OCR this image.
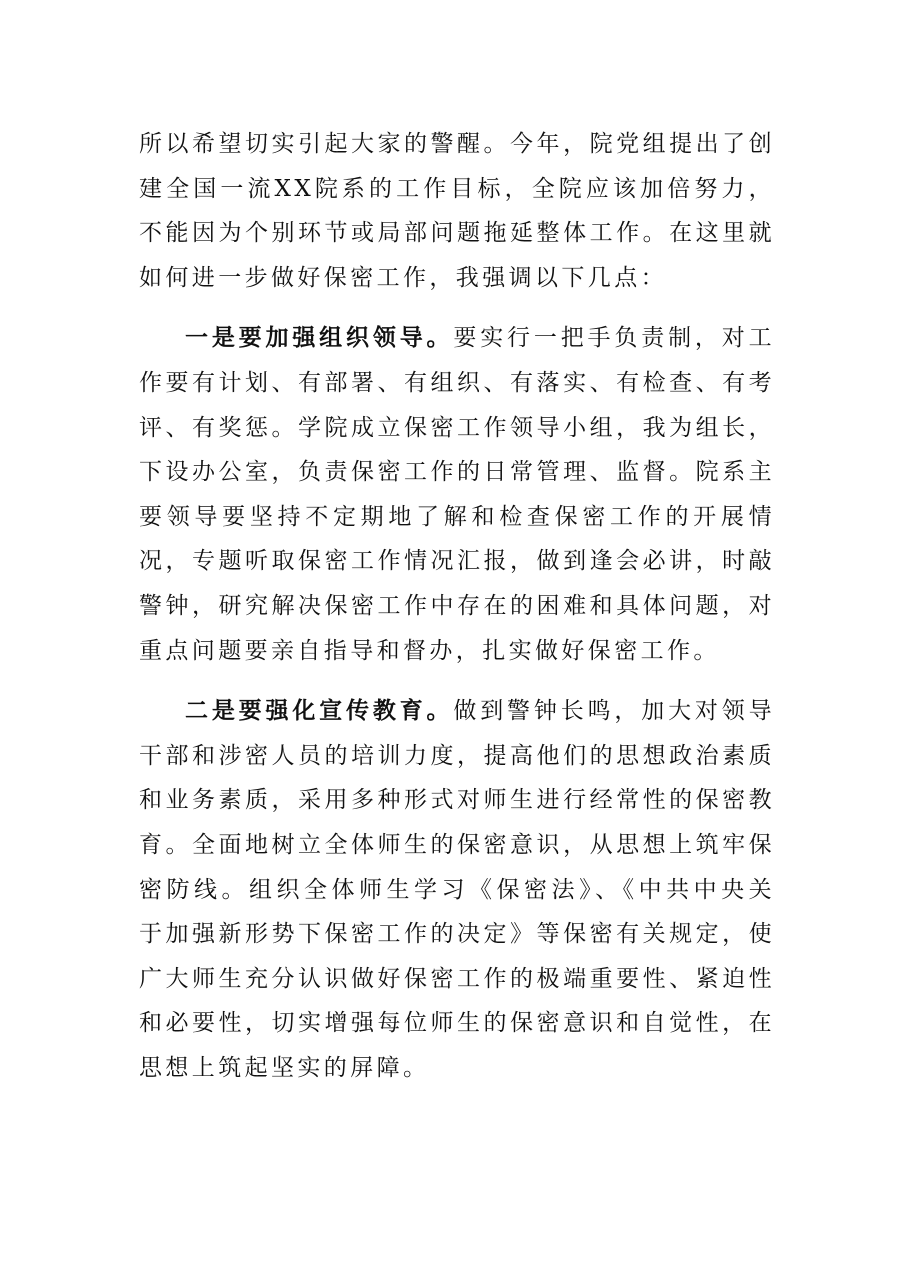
所以希望切实引起大家的警醒。今年，院党组提出了创建全国一流XX院系的工作目标，全院应该加倍努力，不能因为个别环节或局部问题拖延整体工作。在这里就如何进一步做好保密工作，我强调以下几点：

一是要加强组织领导。要实行一把手负责制，对工作要有计划、有部署、有组织、有落实、有检查、有考评、有奖惩。学院成立保密工作领导小组，我为组长，下设办公室，负责保密工作的日常管理、监督。院系主要领导要坚持不定期地了解和检查保密工作的开展情况，专题听取保密工作情况汇报，做到逢会必讲，时敲警钟，研究解决保密工作中存在的困难和具体问题，对重点问题要亲自指导和督办，扎实做好保密工作。

二是要强化宣传教育。做到警钟长鸣，加大对领导干部和涉密人员的培训力度，提高他们的思想政治素质和业务素质，采用多种形式对师生进行经常性的保密教育。全面地树立全体师生的保密意识，从思想上筑牢保密防线。组织全体师生学习《保密法》、《中共中央关于加强新形势下保密工作的决定》等保密有关规定，使广大师生充分认识做好保密工作的极端重要性、紧迫性和必要性，切实增强每位师生的保密意识和自觉性，在思想上筑起坚实的屏障。
